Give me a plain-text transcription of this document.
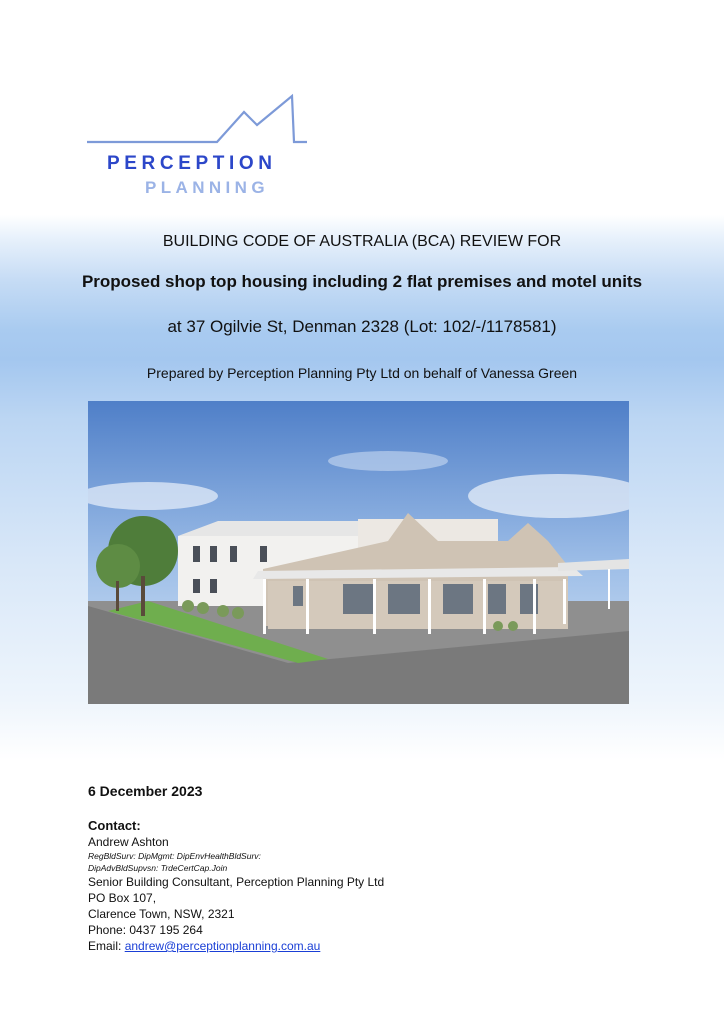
PERCEPTION
PLANNING
BUILDING CODE OF AUSTRALIA (BCA) REVIEW FOR
Proposed shop top housing including 2 flat premises and motel units
at 37 Ogilvie St, Denman 2328 (Lot: 102/-/1178581)
Prepared by Perception Planning Pty Ltd on behalf of Vanessa Green
6 December 2023
Contact:
Andrew Ashton
RegBldSurv: DipMgmt: DipEnvHealthBldSurv:
DipAdvBldSupvsn: TrdeCertCap.Join
Senior Building Consultant, Perception Planning Pty Ltd
PO Box 107,
Clarence Town, NSW, 2321
Phone: 0437 195 264
Email: andrew@perceptionplanning.com.au
